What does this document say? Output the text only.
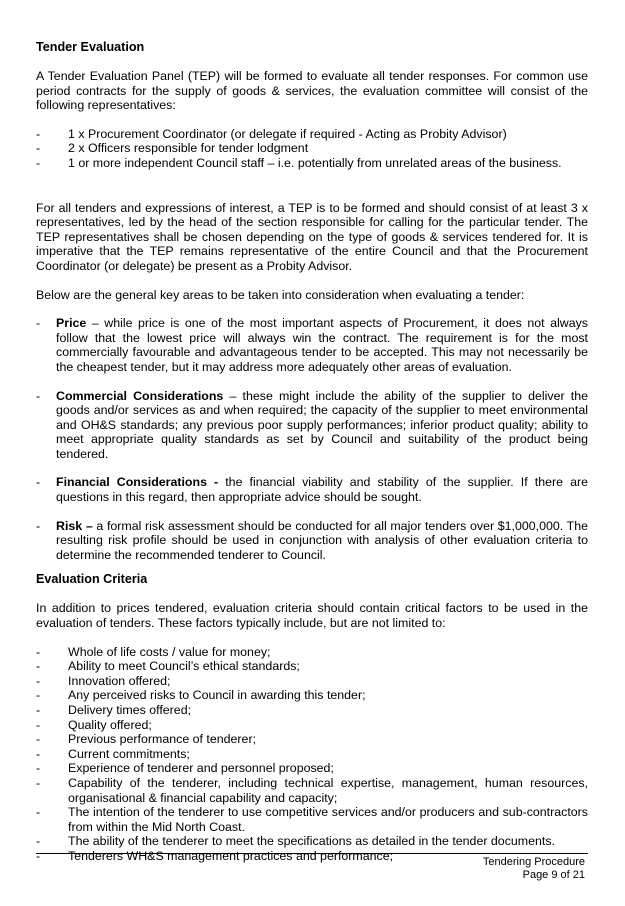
Tender Evaluation

A Tender Evaluation Panel (TEP) will be formed to evaluate all tender responses. For common use period contracts for the supply of goods & services, the evaluation committee will consist of the following representatives:

- 1 x Procurement Coordinator (or delegate if required - Acting as Probity Advisor)
- 2 x Officers responsible for tender lodgment
- 1 or more independent Council staff – i.e. potentially from unrelated areas of the business.

For all tenders and expressions of interest, a TEP is to be formed and should consist of at least 3 x representatives, led by the head of the section responsible for calling for the particular tender. The TEP representatives shall be chosen depending on the type of goods & services tendered for. It is imperative that the TEP remains representative of the entire Council and that the Procurement Coordinator (or delegate) be present as a Probity Advisor.

Below are the general key areas to be taken into consideration when evaluating a tender:

- Price – while price is one of the most important aspects of Procurement, it does not always follow that the lowest price will always win the contract. The requirement is for the most commercially favourable and advantageous tender to be accepted. This may not necessarily be the cheapest tender, but it may address more adequately other areas of evaluation.
- Commercial Considerations – these might include the ability of the supplier to deliver the goods and/or services as and when required; the capacity of the supplier to meet environmental and OH&S standards; any previous poor supply performances; inferior product quality; ability to meet appropriate quality standards as set by Council and suitability of the product being tendered.
- Financial Considerations - the financial viability and stability of the supplier. If there are questions in this regard, then appropriate advice should be sought.
- Risk – a formal risk assessment should be conducted for all major tenders over $1,000,000. The resulting risk profile should be used in conjunction with analysis of other evaluation criteria to determine the recommended tenderer to Council.
Evaluation Criteria

In addition to prices tendered, evaluation criteria should contain critical factors to be used in the evaluation of tenders. These factors typically include, but are not limited to:

- Whole of life costs / value for money;
- Ability to meet Council’s ethical standards;
- Innovation offered;
- Any perceived risks to Council in awarding this tender;
- Delivery times offered;
- Quality offered;
- Previous performance of tenderer;
- Current commitments;
- Experience of tenderer and personnel proposed;
- Capability of the tenderer, including technical expertise, management, human resources, organisational & financial capability and capacity;
- The intention of the tenderer to use competitive services and/or producers and sub-contractors from within the Mid North Coast.
- The ability of the tenderer to meet the specifications as detailed in the tender documents.
- Tenderers WH&S management practices and performance;	Tendering Procedure
Page 9 of 21
